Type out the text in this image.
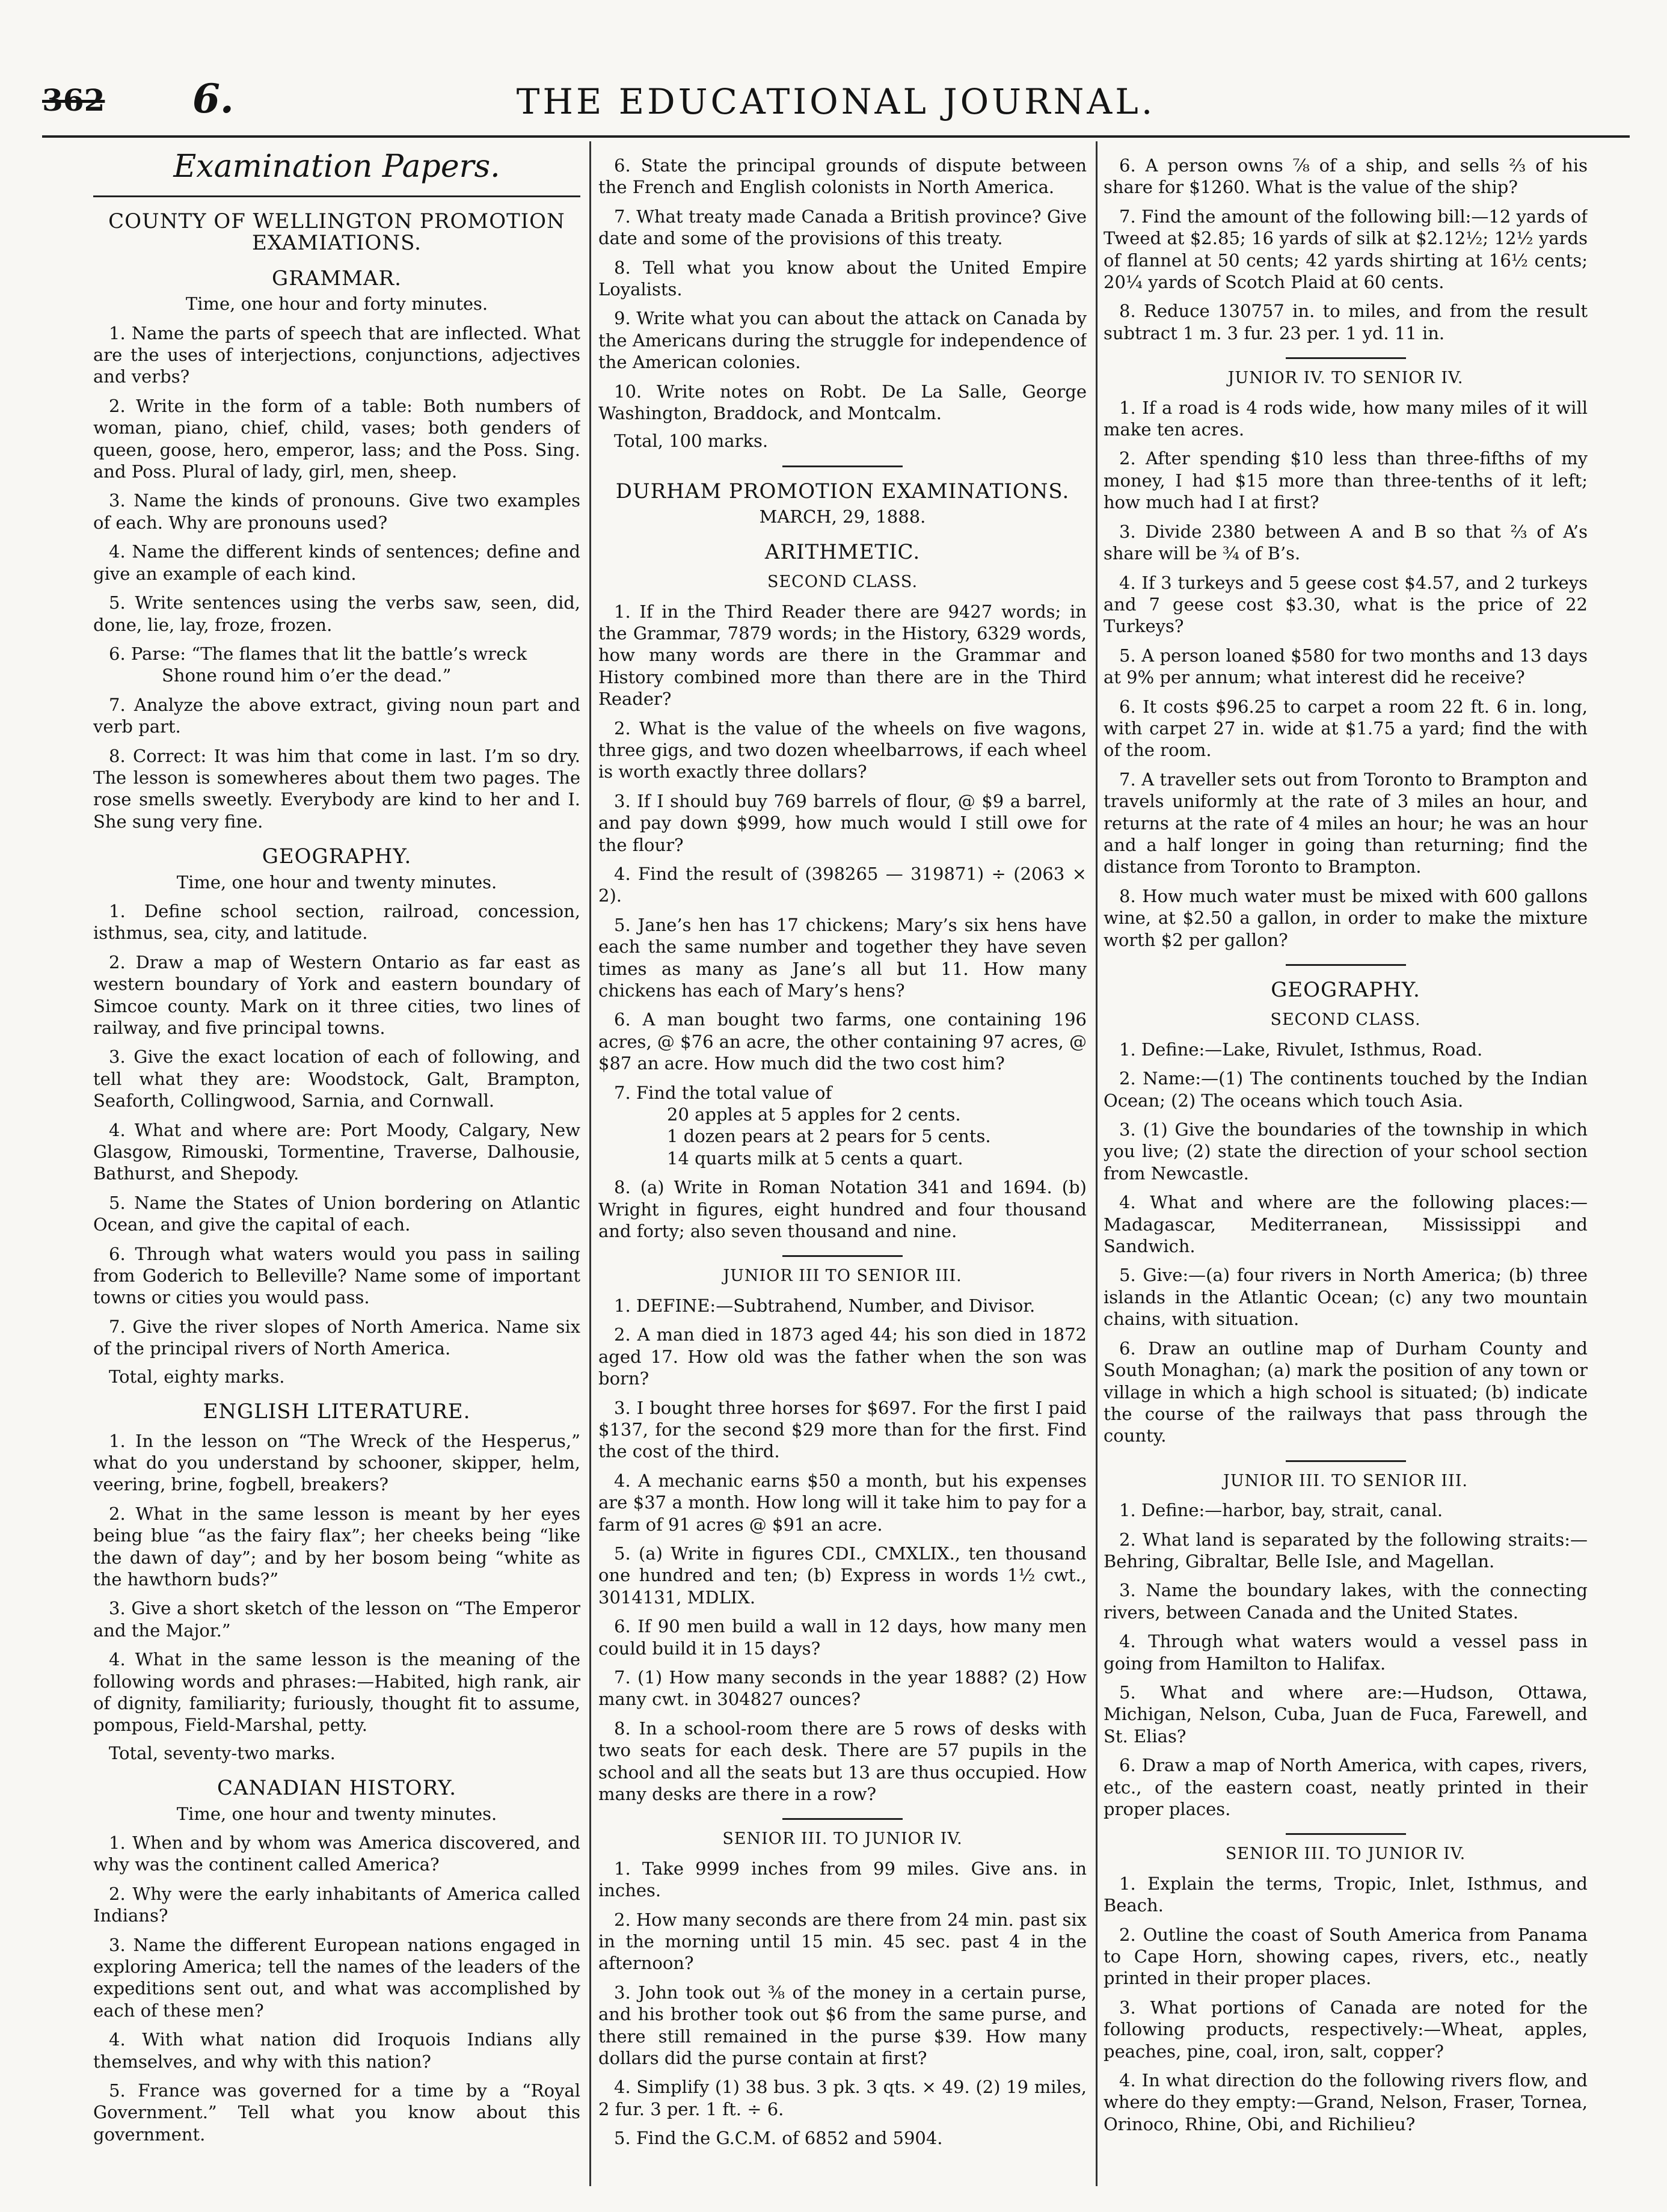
362 6.	THE EDUCATIONAL JOURNAL.
Examination Papers.
COUNTY OF WELLINGTON PROMOTION EXAMIATIONS.
GRAMMAR.
Time, one hour and forty minutes.
1. Name the parts of speech that are inflected. What are the uses of interjections, conjunctions, adjectives and verbs?
2. Write in the form of a table: Both numbers of woman, piano, chief, child, vases; both genders of queen, goose, hero, emperor, lass; and the Poss. Sing. and Poss. Plural of lady, girl, men, sheep.
3. Name the kinds of pronouns. Give two examples of each. Why are pronouns used?
4. Name the different kinds of sentences; define and give an example of each kind.
5. Write sentences using the verbs saw, seen, did, done, lie, lay, froze, frozen.
6. Parse: “The flames that lit the battle’s wreck
Shone round him o’er the dead.”
7. Analyze the above extract, giving noun part and verb part.
8. Correct: It was him that come in last. I’m so dry. The lesson is somewheres about them two pages. The rose smells sweetly. Everybody are kind to her and I. She sung very fine.
GEOGRAPHY.
Time, one hour and twenty minutes.
1. Define school section, railroad, concession, isthmus, sea, city, and latitude.
2. Draw a map of Western Ontario as far east as western boundary of York and eastern boundary of Simcoe county. Mark on it three cities, two lines of railway, and five principal towns.
3. Give the exact location of each of following, and tell what they are: Woodstock, Galt, Brampton, Seaforth, Collingwood, Sarnia, and Cornwall.
4. What and where are: Port Moody, Calgary, New Glasgow, Rimouski, Tormentine, Traverse, Dalhousie, Bathurst, and Shepody.
5. Name the States of Union bordering on Atlantic Ocean, and give the capital of each.
6. Through what waters would you pass in sailing from Goderich to Belleville? Name some of important towns or cities you would pass.
7. Give the river slopes of North America. Name six of the principal rivers of North America.
Total, eighty marks.
ENGLISH LITERATURE.
1. In the lesson on “The Wreck of the Hesperus,” what do you understand by schooner, skipper, helm, veering, brine, fogbell, breakers?
2. What in the same lesson is meant by her eyes being blue “as the fairy flax”; her cheeks being “like the dawn of day”; and by her bosom being “white as the hawthorn buds?”
3. Give a short sketch of the lesson on “The Emperor and the Major.”
4. What in the same lesson is the meaning of the following words and phrases:—Habited, high rank, air of dignity, familiarity; furiously, thought fit to assume, pompous, Field-Marshal, petty.
Total, seventy-two marks.
CANADIAN HISTORY.
Time, one hour and twenty minutes.
1. When and by whom was America discovered, and why was the continent called America?
2. Why were the early inhabitants of America called Indians?
3. Name the different European nations engaged in exploring America; tell the names of the leaders of the expeditions sent out, and what was accomplished by each of these men?
4. With what nation did Iroquois Indians ally themselves, and why with this nation?
5. France was governed for a time by a “Royal Government.” Tell what you know about this government.
6. State the principal grounds of dispute between the French and English colonists in North America.
7. What treaty made Canada a British province? Give date and some of the provisions of this treaty.
8. Tell what you know about the United Empire Loyalists.
9. Write what you can about the attack on Canada by the Americans during the struggle for independence of the American colonies.
10. Write notes on Robt. De La Salle, George Washington, Braddock, and Montcalm.
Total, 100 marks.
DURHAM PROMOTION EXAMINATIONS.
MARCH, 29, 1888.
ARITHMETIC.
SECOND CLASS.
1. If in the Third Reader there are 9427 words; in the Grammar, 7879 words; in the History, 6329 words, how many words are there in the Grammar and History combined more than there are in the Third Reader?
2. What is the value of the wheels on five wagons, three gigs, and two dozen wheelbarrows, if each wheel is worth exactly three dollars?
3. If I should buy 769 barrels of flour, @ $9 a barrel, and pay down $999, how much would I still owe for the flour?
4. Find the result of (398265 — 319871) ÷ (2063 × 2).
5. Jane’s hen has 17 chickens; Mary’s six hens have each the same number and together they have seven times as many as Jane’s all but 11. How many chickens has each of Mary’s hens?
6. A man bought two farms, one containing 196 acres, @ $76 an acre, the other containing 97 acres, @ $87 an acre. How much did the two cost him?
7. Find the total value of
20 apples at 5 apples for 2 cents.
1 dozen pears at 2 pears for 5 cents.
14 quarts milk at 5 cents a quart.
8. (a) Write in Roman Notation 341 and 1694. (b) Wright in figures, eight hundred and four thousand and forty; also seven thousand and nine.
JUNIOR III TO SENIOR III.
1. DEFINE:—Subtrahend, Number, and Divisor.
2. A man died in 1873 aged 44; his son died in 1872 aged 17. How old was the father when the son was born?
3. I bought three horses for $697. For the first I paid $137, for the second $29 more than for the first. Find the cost of the third.
4. A mechanic earns $50 a month, but his expenses are $37 a month. How long will it take him to pay for a farm of 91 acres @ $91 an acre.
5. (a) Write in figures CDI., CMXLIX., ten thousand one hundred and ten; (b) Express in words 1½ cwt., 3014131, MDLIX.
6. If 90 men build a wall in 12 days, how many men could build it in 15 days?
7. (1) How many seconds in the year 1888? (2) How many cwt. in 304827 ounces?
8. In a school-room there are 5 rows of desks with two seats for each desk. There are 57 pupils in the school and all the seats but 13 are thus occupied. How many desks are there in a row?
SENIOR III. TO JUNIOR IV.
1. Take 9999 inches from 99 miles. Give ans. in inches.
2. How many seconds are there from 24 min. past six in the morning until 15 min. 45 sec. past 4 in the afternoon?
3. John took out ⅜ of the money in a certain purse, and his brother took out $6 from the same purse, and there still remained in the purse $39. How many dollars did the purse contain at first?
4. Simplify (1) 38 bus. 3 pk. 3 qts. × 49. (2) 19 miles, 2 fur. 3 per. 1 ft. ÷ 6.
5. Find the G.C.M. of 6852 and 5904.
6. A person owns ⅞ of a ship, and sells ⅔ of his share for $1260. What is the value of the ship?
7. Find the amount of the following bill:—12 yards of Tweed at $2.85; 16 yards of silk at $2.12½; 12½ yards of flannel at 50 cents; 42 yards shirting at 16½ cents; 20¼ yards of Scotch Plaid at 60 cents.
8. Reduce 130757 in. to miles, and from the result subtract 1 m. 3 fur. 23 per. 1 yd. 11 in.
JUNIOR IV. TO SENIOR IV.
1. If a road is 4 rods wide, how many miles of it will make ten acres.
2. After spending $10 less than three-fifths of my money, I had $15 more than three-tenths of it left; how much had I at first?
3. Divide 2380 between A and B so that ⅔ of A’s share will be ¾ of B’s.
4. If 3 turkeys and 5 geese cost $4.57, and 2 turkeys and 7 geese cost $3.30, what is the price of 22 Turkeys?
5. A person loaned $580 for two months and 13 days at 9% per annum; what interest did he receive?
6. It costs $96.25 to carpet a room 22 ft. 6 in. long, with carpet 27 in. wide at $1.75 a yard; find the with of the room.
7. A traveller sets out from Toronto to Brampton and travels uniformly at the rate of 3 miles an hour, and returns at the rate of 4 miles an hour; he was an hour and a half longer in going than returning; find the distance from Toronto to Brampton.
8. How much water must be mixed with 600 gallons wine, at $2.50 a gallon, in order to make the mixture worth $2 per gallon?
GEOGRAPHY.
SECOND CLASS.
1. Define:—Lake, Rivulet, Isthmus, Road.
2. Name:—(1) The continents touched by the Indian Ocean; (2) The oceans which touch Asia.
3. (1) Give the boundaries of the township in which you live; (2) state the direction of your school section from Newcastle.
4. What and where are the following places:—Madagascar, Mediterranean, Mississippi and Sandwich.
5. Give:—(a) four rivers in North America; (b) three islands in the Atlantic Ocean; (c) any two mountain chains, with situation.
6. Draw an outline map of Durham County and South Monaghan; (a) mark the position of any town or village in which a high school is situated; (b) indicate the course of the railways that pass through the county.
JUNIOR III. TO SENIOR III.
1. Define:—harbor, bay, strait, canal.
2. What land is separated by the following straits:—Behring, Gibraltar, Belle Isle, and Magellan.
3. Name the boundary lakes, with the connecting rivers, between Canada and the United States.
4. Through what waters would a vessel pass in going from Hamilton to Halifax.
5. What and where are:—Hudson, Ottawa, Michigan, Nelson, Cuba, Juan de Fuca, Farewell, and St. Elias?
6. Draw a map of North America, with capes, rivers, etc., of the eastern coast, neatly printed in their proper places.
SENIOR III. TO JUNIOR IV.
1. Explain the terms, Tropic, Inlet, Isthmus, and Beach.
2. Outline the coast of South America from Panama to Cape Horn, showing capes, rivers, etc., neatly printed in their proper places.
3. What portions of Canada are noted for the following products, respectively:—Wheat, apples, peaches, pine, coal, iron, salt, copper?
4. In what direction do the following rivers flow, and where do they empty:—Grand, Nelson, Fraser, Tornea, Orinoco, Rhine, Obi, and Richilieu?
